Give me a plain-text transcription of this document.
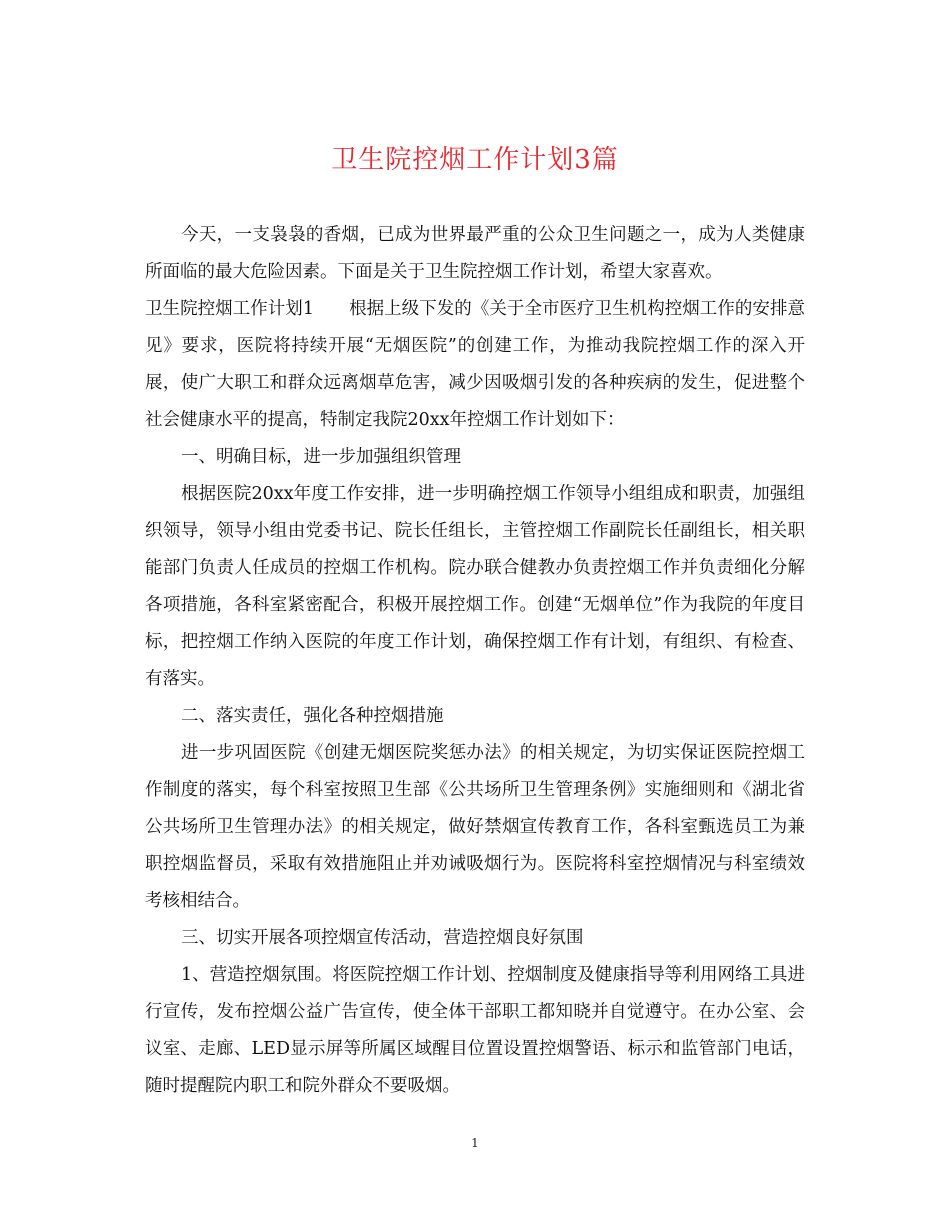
卫生院控烟工作计划3篇

今天，一支袅袅的香烟，已成为世界最严重的公众卫生问题之一，成为人类健康所面临的最大危险因素。下面是关于卫生院控烟工作计划，希望大家喜欢。

卫生院控烟工作计划1　　根据上级下发的《关于全市医疗卫生机构控烟工作的安排意见》要求，医院将持续开展“无烟医院”的创建工作，为推动我院控烟工作的深入开展，使广大职工和群众远离烟草危害，减少因吸烟引发的各种疾病的发生，促进整个社会健康水平的提高，特制定我院20xx年控烟工作计划如下：

一、明确目标，进一步加强组织管理

根据医院20xx年度工作安排，进一步明确控烟工作领导小组组成和职责，加强组织领导，领导小组由党委书记、院长任组长，主管控烟工作副院长任副组长，相关职能部门负责人任成员的控烟工作机构。院办联合健教办负责控烟工作并负责细化分解各项措施，各科室紧密配合，积极开展控烟工作。创建“无烟单位”作为我院的年度目标，把控烟工作纳入医院的年度工作计划，确保控烟工作有计划，有组织、有检查、有落实。

二、落实责任，强化各种控烟措施

进一步巩固医院《创建无烟医院奖惩办法》的相关规定，为切实保证医院控烟工作制度的落实，每个科室按照卫生部《公共场所卫生管理条例》实施细则和《湖北省公共场所卫生管理办法》的相关规定，做好禁烟宣传教育工作，各科室甄选员工为兼职控烟监督员，采取有效措施阻止并劝诫吸烟行为。医院将科室控烟情况与科室绩效考核相结合。

三、切实开展各项控烟宣传活动，营造控烟良好氛围

1、营造控烟氛围。将医院控烟工作计划、控烟制度及健康指导等利用网络工具进行宣传，发布控烟公益广告宣传，使全体干部职工都知晓并自觉遵守。在办公室、会议室、走廊、LED显示屏等所属区域醒目位置设置控烟警语、标示和监管部门电话，随时提醒院内职工和院外群众不要吸烟。

1
